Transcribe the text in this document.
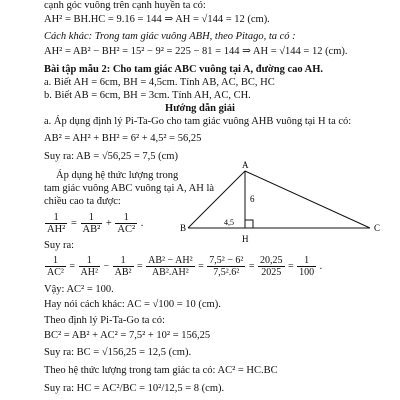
cạnh góc vuông trên cạnh huyền ta có:
AH² = BH.HC = 9.16 = 144 ⇒ AH = √144 = 12 (cm).
Cách khác: Trong tam giác vuông ABH, theo Pitago, ta có :
AH² = AB² − BH² = 15² − 9² = 225 − 81 = 144 ⇒ AH = √144 = 12 (cm).
Bài tập mẫu 2: Cho tam giác ABC vuông tại A, đường cao AH.
a. Biết AH = 6cm, BH = 4,5cm. Tính AB, AC, BC, HC
b. Biết AB = 6cm, BH = 3cm. Tính AH, AC, CH.
Hướng dẫn giải
a. Áp dụng định lý Pi-Ta-Go cho tam giác vuông AHB vuông tại H ta có:
AB² = AH² + BH² = 6² + 4,5² = 56,25
Suy ra: AB = √56,25 = 7,5 (cm)
Áp dụng hệ thức lượng trong
tam giác vuông ABC vuông tại A, AH là
chiều cao ta được:
$\frac{1}{\text{AH²}} = \frac{1}{\text{AB²}} + \frac{1}{\text{AC²}}$ .
Suy ra:
$\frac{1}{\text{AC²}} = \frac{1}{\text{AH²}} - \frac{1}{\text{AB²}} = \frac{\text{AB² − AH²}}{\text{AB².AH²}} = \frac{\text{7,5² − 6²}}{\text{7,5².6²}} = \frac{20,25}{2025} = \frac{1}{100}$ .
Vậy: AC² = 100.
Hay nói cách khác: AC = √100 = 10 (cm).
Theo định lý Pi-Ta-Go ta có:
BC² = AB² + AC² = 7,5² + 10² = 156,25
Suy ra: BC = √156,25 = 12,5 (cm).
Theo hệ thức lượng trong tam giác ta có: AC² = HC.BC
Suy ra: HC = AC²/BC = 10²/12,5 = 8 (cm).
A
B	C
H
6
4,5
